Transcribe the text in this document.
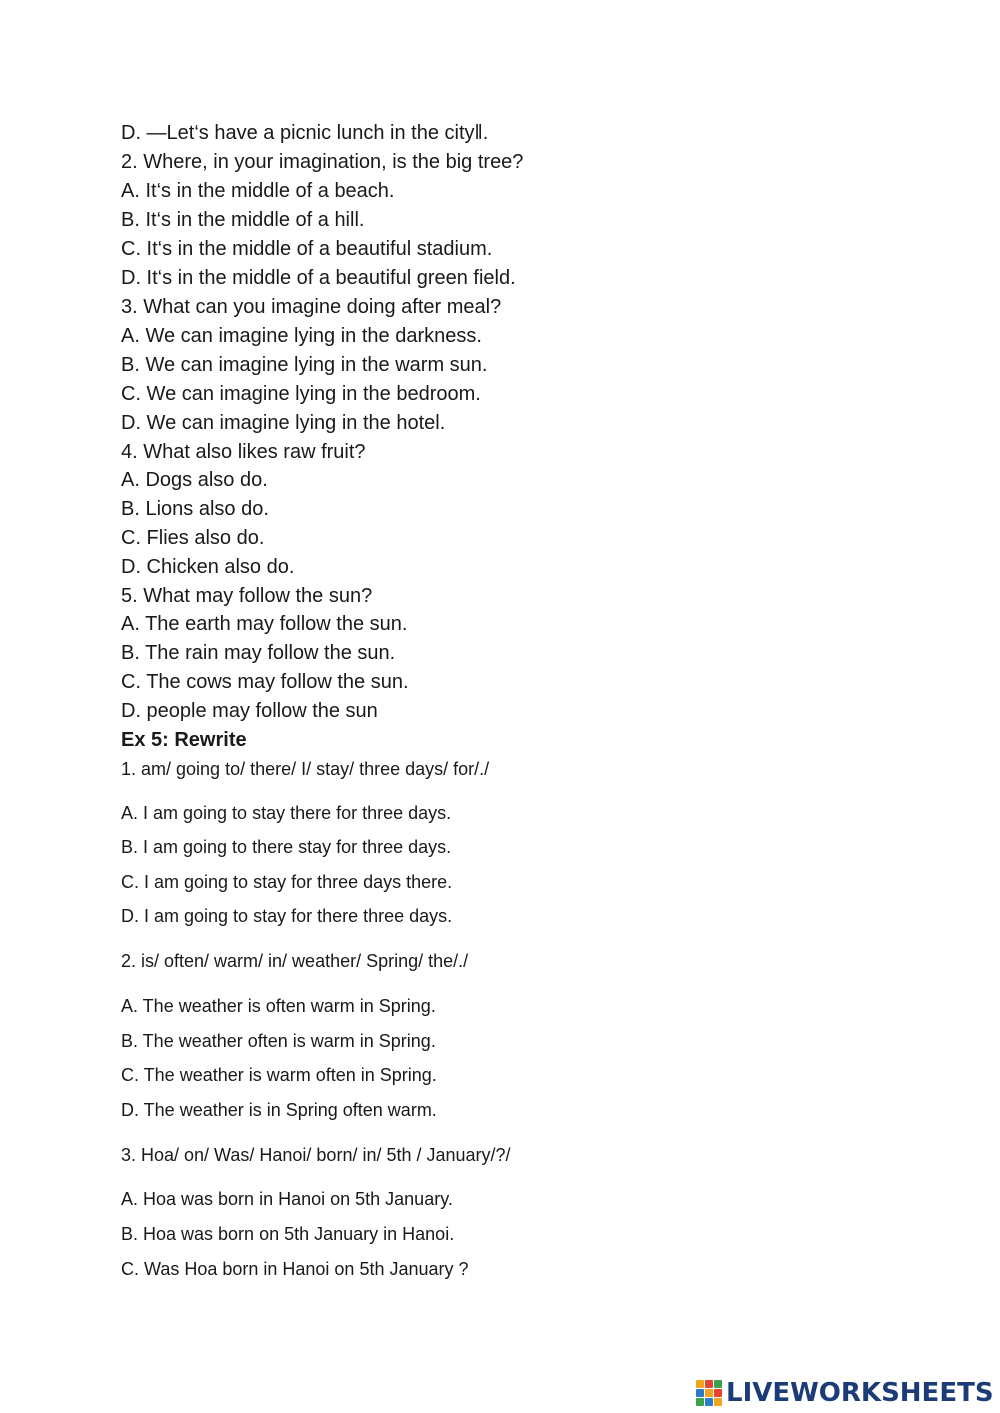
D. ―Let‘s have a picnic lunch in the city‖.
2. Where, in your imagination, is the big tree?
A. It‘s in the middle of a beach.
B. It‘s in the middle of a hill.
C. It‘s in the middle of a beautiful stadium.
D. It‘s in the middle of a beautiful green field.
3. What can you imagine doing after meal?
A. We can imagine lying in the darkness.
B. We can imagine lying in the warm sun.
C. We can imagine lying in the bedroom.
D. We can imagine lying in the hotel.
4. What also likes raw fruit?
A. Dogs also do.
B. Lions also do.
C. Flies also do.
D. Chicken also do.
5. What may follow the sun?
A. The earth may follow the sun.
B. The rain may follow the sun.
C. The cows may follow the sun.
D. people may follow the sun
Ex 5: Rewrite
1. am/ going to/ there/ I/ stay/ three days/ for/./
A. I am going to stay there for three days.
B. I am going to there stay for three days.
C. I am going to stay for three days there.
D. I am going to stay for there three days.
2. is/ often/ warm/ in/ weather/ Spring/ the/./
A. The weather is often warm in Spring.
B. The weather often is warm in Spring.
C. The weather is warm often in Spring.
D. The weather is in Spring often warm.
3. Hoa/ on/ Was/ Hanoi/ born/ in/ 5th / January/?/
A. Hoa was born in Hanoi on 5th January.
B. Hoa was born on 5th January in Hanoi.
C. Was Hoa born in Hanoi on 5th January ?
LIVEWORKSHEETS
